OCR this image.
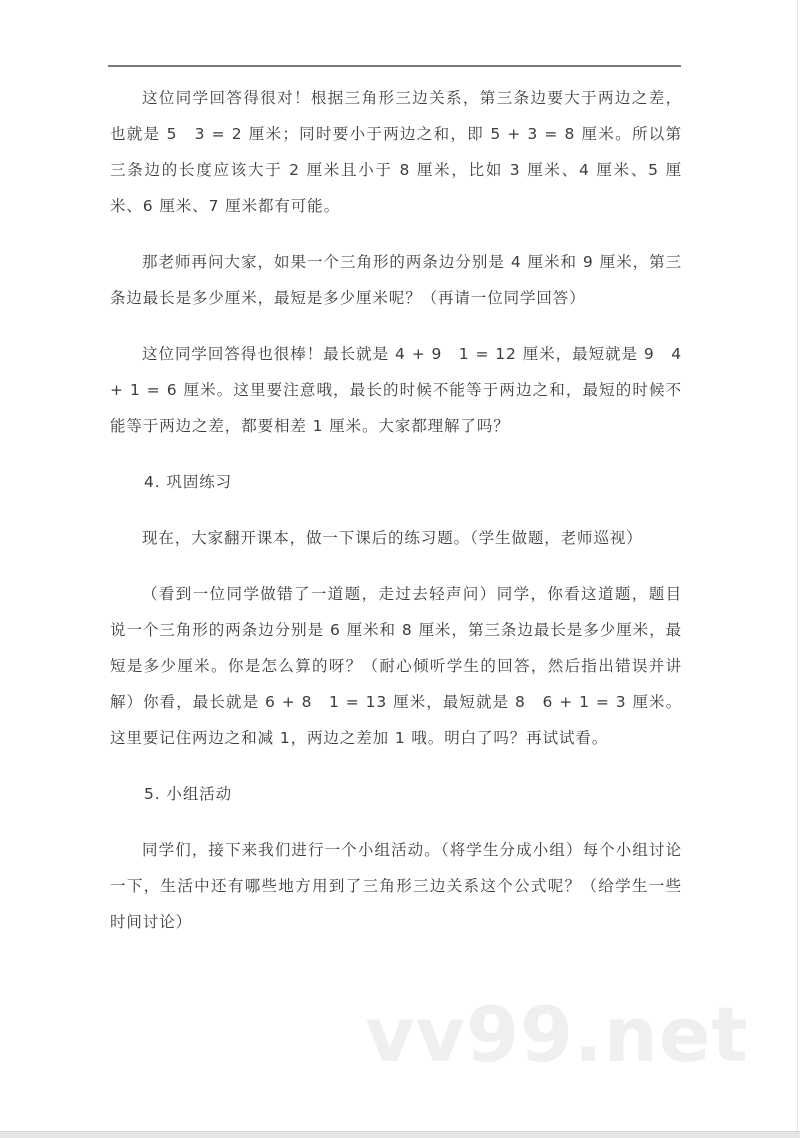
这位同学回答得很对！根据三角形三边关系，第三条边要大于两边之差，也就是 5　3 = 2 厘米；同时要小于两边之和，即 5 + 3 = 8 厘米。所以第三条边的长度应该大于 2 厘米且小于 8 厘米，比如 3 厘米、4 厘米、5 厘米、6 厘米、7 厘米都有可能。

那老师再问大家，如果一个三角形的两条边分别是 4 厘米和 9 厘米，第三条边最长是多少厘米，最短是多少厘米呢？（再请一位同学回答）

这位同学回答得也很棒！最长就是 4 + 9　1 = 12 厘米，最短就是 9　4 + 1 = 6 厘米。这里要注意哦，最长的时候不能等于两边之和，最短的时候不能等于两边之差，都要相差 1 厘米。大家都理解了吗？

4. 巩固练习

现在，大家翻开课本，做一下课后的练习题。（学生做题，老师巡视）

（看到一位同学做错了一道题，走过去轻声问）同学，你看这道题，题目说一个三角形的两条边分别是 6 厘米和 8 厘米，第三条边最长是多少厘米，最短是多少厘米。你是怎么算的呀？（耐心倾听学生的回答，然后指出错误并讲解）你看，最长就是 6 + 8　1 = 13 厘米，最短就是 8　6 + 1 = 3 厘米。这里要记住两边之和减 1，两边之差加 1 哦。明白了吗？再试试看。

5. 小组活动

同学们，接下来我们进行一个小组活动。（将学生分成小组）每个小组讨论一下，生活中还有哪些地方用到了三角形三边关系这个公式呢？（给学生一些时间讨论）

vv99.net
